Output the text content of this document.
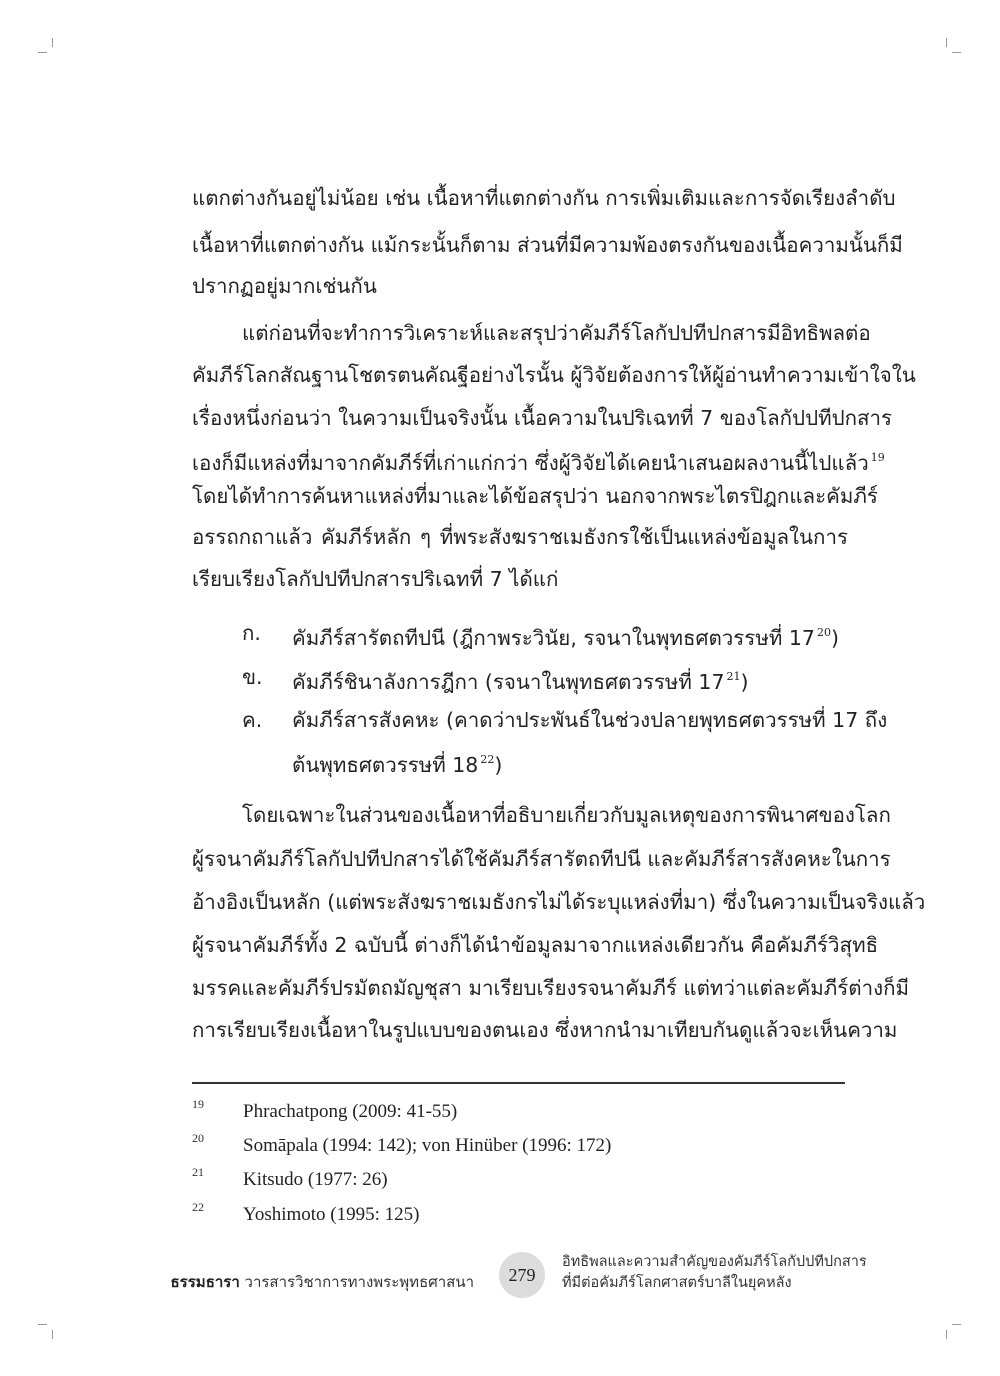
แตกต่างกันอยู่ไม่น้อย เช่น เนื้อหาที่แตกต่างกัน การเพิ่มเติมและการจัดเรียงลำดับ
เนื้อหาที่แตกต่างกัน แม้กระนั้นก็ตาม ส่วนที่มีความพ้องตรงกันของเนื้อความนั้นก็มี
ปรากฏอยู่มากเช่นกัน
แต่ก่อนที่จะทำการวิเคราะห์และสรุปว่าคัมภีร์โลกัปปทีปกสารมีอิทธิพลต่อ
คัมภีร์โลกสัณฐานโชตรตนคัณฐีอย่างไรนั้น ผู้วิจัยต้องการให้ผู้อ่านทำความเข้าใจใน
เรื่องหนึ่งก่อนว่า ในความเป็นจริงนั้น เนื้อความในปริเฉทที่ 7 ของโลกัปปทีปกสาร
เองก็มีแหล่งที่มาจากคัมภีร์ที่เก่าแก่กว่า ซึ่งผู้วิจัยได้เคยนำเสนอผลงานนี้ไปแล้ว $^{19}$
โดยได้ทำการค้นหาแหล่งที่มาและได้ข้อสรุปว่า นอกจากพระไตรปิฎกและคัมภีร์
อรรถกถาแล้ว คัมภีร์หลัก ๆ ที่พระสังฆราชเมธังกรใช้เป็นแหล่งข้อมูลในการ
เรียบเรียงโลกัปปทีปกสารปริเฉทที่ 7 ได้แก่
ก. คัมภีร์สารัตถทีปนี (ฎีกาพระวินัย, รจนาในพุทธศตวรรษที่ 17 $^{20}$)
ข. คัมภีร์ชินาลังการฎีกา (รจนาในพุทธศตวรรษที่ 17 $^{21}$)
ค. คัมภีร์สารสังคหะ (คาดว่าประพันธ์ในช่วงปลายพุทธศตวรรษที่ 17 ถึง
ต้นพุทธศตวรรษที่ 18 $^{22}$)
โดยเฉพาะในส่วนของเนื้อหาที่อธิบายเกี่ยวกับมูลเหตุของการพินาศของโลก
ผู้รจนาคัมภีร์โลกัปปทีปกสารได้ใช้คัมภีร์สารัตถทีปนี และคัมภีร์สารสังคหะในการ
อ้างอิงเป็นหลัก (แต่พระสังฆราชเมธังกรไม่ได้ระบุแหล่งที่มา) ซึ่งในความเป็นจริงแล้ว
ผู้รจนาคัมภีร์ทั้ง 2 ฉบับนี้ ต่างก็ได้นำข้อมูลมาจากแหล่งเดียวกัน คือคัมภีร์วิสุทธิ
มรรคและคัมภีร์ปรมัตถมัญชุสา มาเรียบเรียงรจนาคัมภีร์ แต่ทว่าแต่ละคัมภีร์ต่างก็มี
การเรียบเรียงเนื้อหาในรูปแบบของตนเอง ซึ่งหากนำมาเทียบกันดูแล้วจะเห็นความ
19 Phrachatpong (2009: 41-55)
20 Somāpala (1994: 142); von Hinüber (1996: 172)
21 Kitsudo (1977: 26)
22 Yoshimoto (1995: 125)
ธรรมธารา วารสารวิชาการทางพระพุทธศาสนา	279
อิทธิพลและความสำคัญของคัมภีร์โลกัปปทีปกสาร
ที่มีต่อคัมภีร์โลกศาสตร์บาลีในยุคหลัง
